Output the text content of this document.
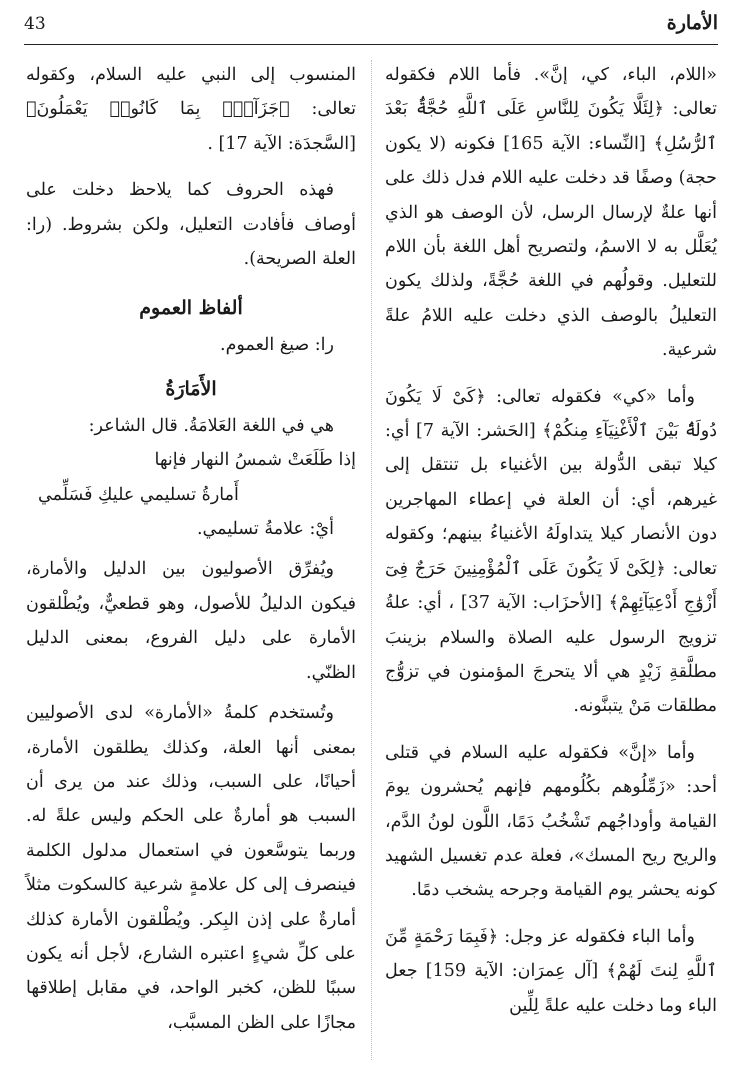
43	الأمارة

«اللام، الباء، كي، إنَّ». فأما اللام فكقوله تعالى: ﴿لِئَلَّا يَكُونَ لِلنَّاسِ عَلَى ٱللَّهِ حُجَّةٌۢ بَعْدَ ٱلرُّسُلِ﴾ [النِّساء: الآية 165] فكونه (لا يكون حجة) وصفًا قد دخلت عليه اللام فدل ذلك على أنها علةٌ لإرسال الرسل، لأن الوصف هو الذي يُعَلَّل به لا الاسمُ، ولتصريح أهل اللغة بأن اللام للتعليل. وقولُهم في اللغة حُجَّةً، ولذلك يكون التعليلُ بالوصف الذي دخلت عليه اللامُ علةً شرعية.

وأما «كي» فكقوله تعالى: ﴿كَىْ لَا يَكُونَ دُولَةًۢ بَيْنَ ٱلْأَغْنِيَآءِ مِنكُمْ﴾ [الحَشر: الآية 7] أي: كيلا تبقى الدُّولة بين الأغنياء بل تنتقل إلى غيرهم، أي: أن العلة في إعطاء المهاجرين دون الأنصار كيلا يتداولَهُ الأغنياءُ بينهم؛ وكقوله تعالى: ﴿لِكَىْ لَا يَكُونَ عَلَى ٱلْمُؤْمِنِينَ حَرَجٌ فِىٓ أَزْوَٰجِ أَدْعِيَآئِهِمْ﴾ [الأحزَاب: الآية 37] ، أي: علةُ تزويج الرسول عليه الصلاة والسلام بزينبَ مطلَّقةِ زَيْدٍ هي ألا يتحرجَ المؤمنون في تزوُّج مطلقات مَنْ يتبنَّونه.

وأما «إنَّ» فكقوله عليه السلام في قتلى أحد: «زَمِّلُوهم بكُلُومهم فإنهم يُحشرون يومَ القيامة وأوداجُهم تَشْخُبُ دَمًا، اللَّون لونُ الدَّم، والريح ريح المسك»، فعلة عدم تغسيل الشهيد كونه يحشر يوم القيامة وجرحه يشخب دمًا.

وأما الباء فكقوله عز وجل: ﴿فَبِمَا رَحْمَةٍ مِّنَ ٱللَّهِ لِنتَ لَهُمْ﴾ [آل عِمرَان: الآية 159] جعل الباء وما دخلت عليه علةً لِلِّين

المنسوب إلى النبي عليه السلام، وكقوله تعالى: ﴿جَزَآءًۢ بِمَا كَانُوا۟ يَعْمَلُونَ﴾ [السَّجدَة: الآية 17] .

فهذه الحروف كما يلاحظ دخلت على أوصاف فأفادت التعليل، ولكن بشروط. (را: العلة الصريحة).

ألفاظ العموم

را: صيغ العموم.

الأَمَارَةُ

هي في اللغة العَلامَةُ. قال الشاعر:

إذا طَلَعَتْ شمسُ النهار فإنها

أَمارةُ تسليمي عليكِ فَسَلِّمي

أيْ: علامةُ تسليمي.

ويُفرِّق الأصوليون بين الدليل والأمارة، فيكون الدليلُ للأصول، وهو قطعيٌّ، ويُطْلقون الأمارة على دليل الفروع، بمعنى الدليل الظنّي.

وتُستخدم كلمةُ «الأمارة» لدى الأصوليين بمعنى أنها العلة، وكذلك يطلقون الأمارة، أحيانًا، على السبب، وذلك عند من يرى أن السبب هو أمارةٌ على الحكم وليس علةً له. وربما يتوسَّعون في استعمال مدلول الكلمة فينصرف إلى كل علامةٍ شرعية كالسكوت مثلاً أمارةٌ على إذن البِكر. ويُطْلقون الأمارة كذلك على كلِّ شيءٍ اعتبره الشارع، لأجل أنه يكون سببًا للظن، كخبر الواحد، في مقابل إطلاقها مجازًا على الظن المسبَّب،
